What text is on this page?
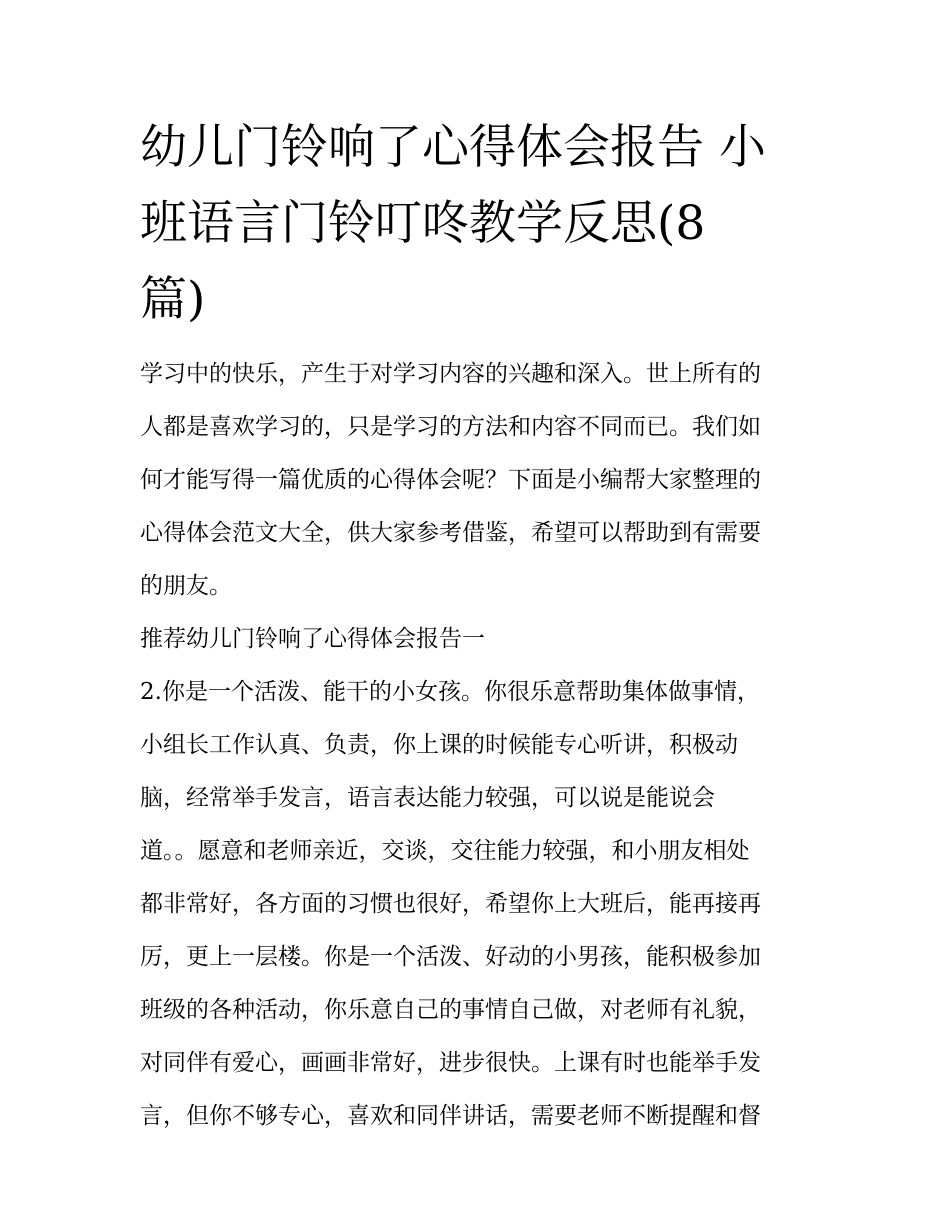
幼儿门铃响了心得体会报告 小
班语言门铃叮咚教学反思(8
篇)

学习中的快乐，产生于对学习内容的兴趣和深入。世上所有的
人都是喜欢学习的，只是学习的方法和内容不同而已。我们如
何才能写得一篇优质的心得体会呢？下面是小编帮大家整理的
心得体会范文大全，供大家参考借鉴，希望可以帮助到有需要
的朋友。

推荐幼儿门铃响了心得体会报告一

2.你是一个活泼、能干的小女孩。你很乐意帮助集体做事情，
小组长工作认真、负责，你上课的时候能专心听讲，积极动
脑，经常举手发言，语言表达能力较强，可以说是能说会
道。。愿意和老师亲近，交谈，交往能力较强，和小朋友相处
都非常好，各方面的习惯也很好，希望你上大班后，能再接再
厉，更上一层楼。你是一个活泼、好动的小男孩，能积极参加
班级的各种活动，你乐意自己的事情自己做，对老师有礼貌，
对同伴有爱心，画画非常好，进步很快。上课有时也能举手发
言，但你不够专心，喜欢和同伴讲话，需要老师不断提醒和督
